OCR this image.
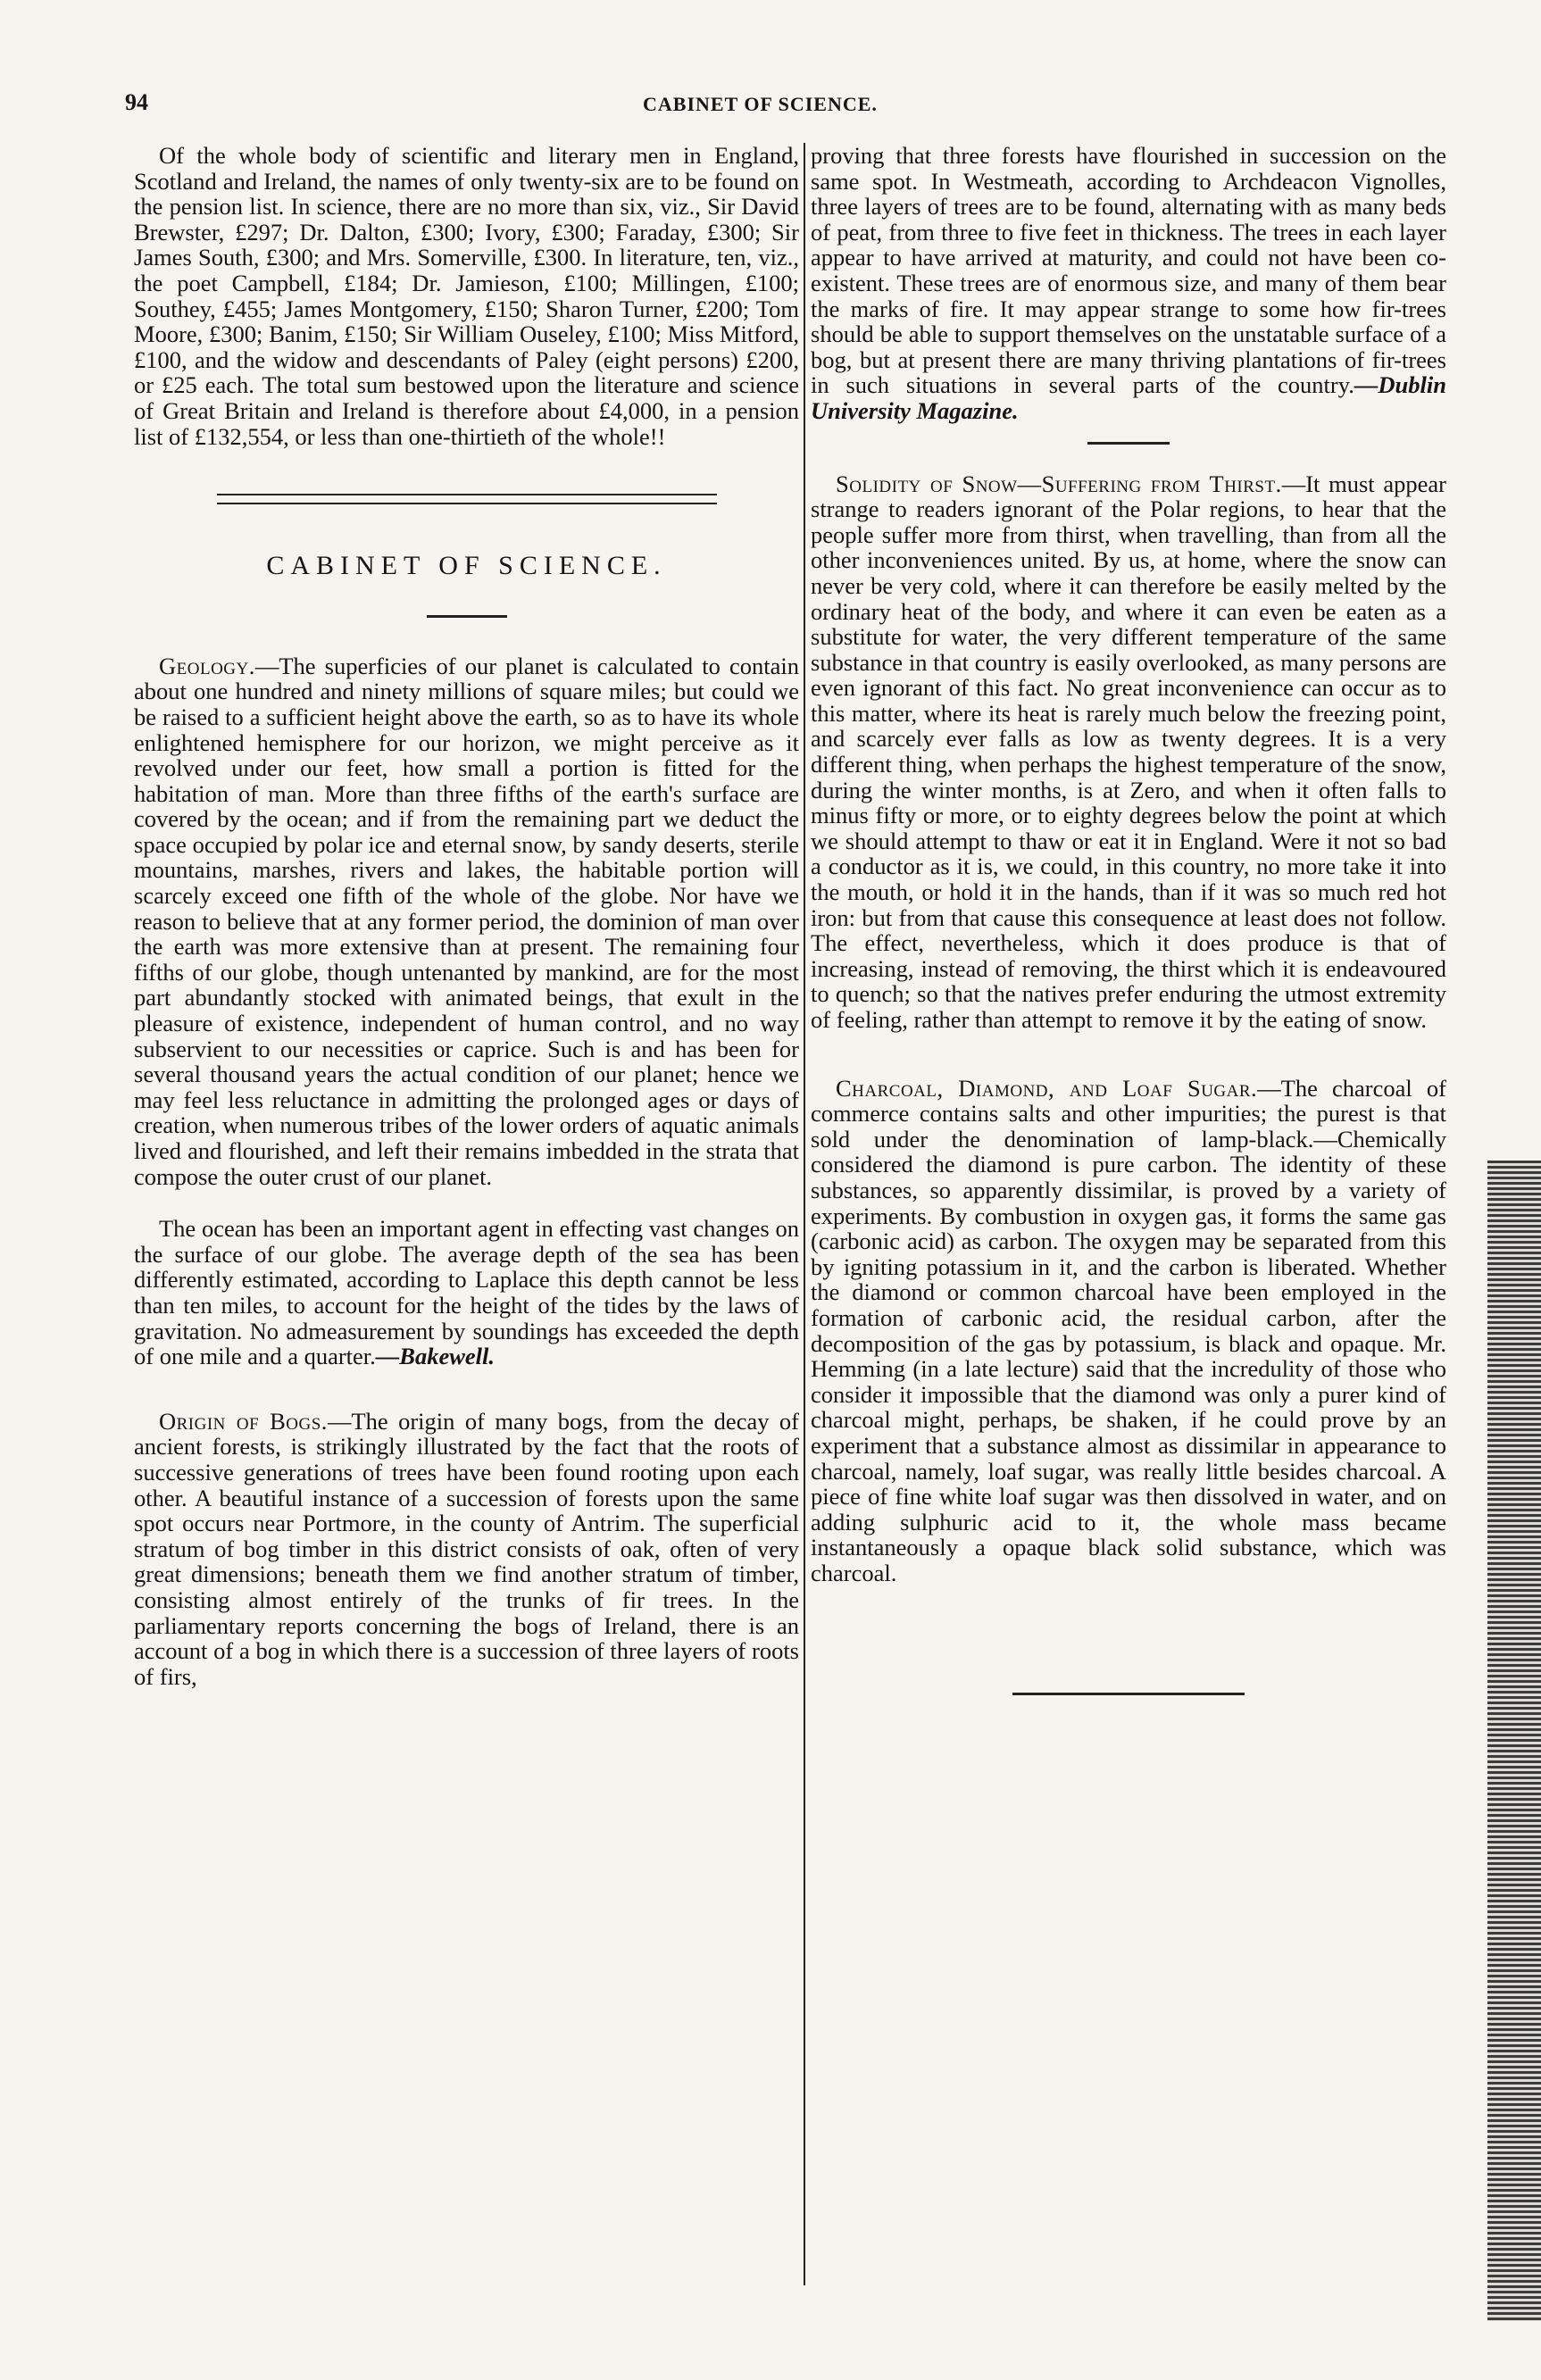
94	CABINET OF SCIENCE.

Of the whole body of scientific and literary men in England, Scotland and Ireland, the names of only twenty-six are to be found on the pension list. In science, there are no more than six, viz., Sir David Brewster, £297; Dr. Dalton, £300; Ivory, £300; Faraday, £300; Sir James South, £300; and Mrs. Somerville, £300. In literature, ten, viz., the poet Campbell, £184; Dr. Jamieson, £100; Millingen, £100; Southey, £455; James Montgomery, £150; Sharon Turner, £200; Tom Moore, £300; Banim, £150; Sir William Ouseley, £100; Miss Mitford, £100, and the widow and descendants of Paley (eight persons) £200, or £25 each. The total sum bestowed upon the literature and science of Great Britain and Ireland is therefore about £4,000, in a pension list of £132,554, or less than one-thirtieth of the whole!!

CABINET OF SCIENCE.

Geology.—The superficies of our planet is calculated to contain about one hundred and ninety millions of square miles; but could we be raised to a sufficient height above the earth, so as to have its whole enlightened hemisphere for our horizon, we might perceive as it revolved under our feet, how small a portion is fitted for the habitation of man. More than three fifths of the earth's surface are covered by the ocean; and if from the remaining part we deduct the space occupied by polar ice and eternal snow, by sandy deserts, sterile mountains, marshes, rivers and lakes, the habitable portion will scarcely exceed one fifth of the whole of the globe. Nor have we reason to believe that at any former period, the dominion of man over the earth was more extensive than at present. The remaining four fifths of our globe, though untenanted by mankind, are for the most part abundantly stocked with animated beings, that exult in the pleasure of existence, independent of human control, and no way subservient to our necessities or caprice. Such is and has been for several thousand years the actual condition of our planet; hence we may feel less reluctance in admitting the prolonged ages or days of creation, when numerous tribes of the lower orders of aquatic animals lived and flourished, and left their remains imbedded in the strata that compose the outer crust of our planet.

The ocean has been an important agent in effecting vast changes on the surface of our globe. The average depth of the sea has been differently estimated, according to Laplace this depth cannot be less than ten miles, to account for the height of the tides by the laws of gravitation. No admeasurement by soundings has exceeded the depth of one mile and a quarter.—Bakewell.

Origin of Bogs.—The origin of many bogs, from the decay of ancient forests, is strikingly illustrated by the fact that the roots of successive generations of trees have been found rooting upon each other. A beautiful instance of a succession of forests upon the same spot occurs near Portmore, in the county of Antrim. The superficial stratum of bog timber in this district consists of oak, often of very great dimensions; beneath them we find another stratum of timber, consisting almost entirely of the trunks of fir trees. In the parliamentary reports concerning the bogs of Ireland, there is an account of a bog in which there is a succession of three layers of roots of firs,

proving that three forests have flourished in succession on the same spot. In Westmeath, according to Archdeacon Vignolles, three layers of trees are to be found, alternating with as many beds of peat, from three to five feet in thickness. The trees in each layer appear to have arrived at maturity, and could not have been co-existent. These trees are of enormous size, and many of them bear the marks of fire. It may appear strange to some how fir-trees should be able to support themselves on the unstatable surface of a bog, but at present there are many thriving plantations of fir-trees in such situations in several parts of the country.—Dublin University Magazine.

Solidity of Snow—Suffering from Thirst.—It must appear strange to readers ignorant of the Polar regions, to hear that the people suffer more from thirst, when travelling, than from all the other inconveniences united. By us, at home, where the snow can never be very cold, where it can therefore be easily melted by the ordinary heat of the body, and where it can even be eaten as a substitute for water, the very different temperature of the same substance in that country is easily overlooked, as many persons are even ignorant of this fact. No great inconvenience can occur as to this matter, where its heat is rarely much below the freezing point, and scarcely ever falls as low as twenty degrees. It is a very different thing, when perhaps the highest temperature of the snow, during the winter months, is at Zero, and when it often falls to minus fifty or more, or to eighty degrees below the point at which we should attempt to thaw or eat it in England. Were it not so bad a conductor as it is, we could, in this country, no more take it into the mouth, or hold it in the hands, than if it was so much red hot iron: but from that cause this consequence at least does not follow. The effect, nevertheless, which it does produce is that of increasing, instead of removing, the thirst which it is endeavoured to quench; so that the natives prefer enduring the utmost extremity of feeling, rather than attempt to remove it by the eating of snow.

Charcoal, Diamond, and Loaf Sugar.—The charcoal of commerce contains salts and other impurities; the purest is that sold under the denomination of lamp-black.—Chemically considered the diamond is pure carbon. The identity of these substances, so apparently dissimilar, is proved by a variety of experiments. By combustion in oxygen gas, it forms the same gas (carbonic acid) as carbon. The oxygen may be separated from this by igniting potassium in it, and the carbon is liberated. Whether the diamond or common charcoal have been employed in the formation of carbonic acid, the residual carbon, after the decomposition of the gas by potassium, is black and opaque. Mr. Hemming (in a late lecture) said that the incredulity of those who consider it impossible that the diamond was only a purer kind of charcoal might, perhaps, be shaken, if he could prove by an experiment that a substance almost as dissimilar in appearance to charcoal, namely, loaf sugar, was really little besides charcoal. A piece of fine white loaf sugar was then dissolved in water, and on adding sulphuric acid to it, the whole mass became instantaneously a opaque black solid substance, which was charcoal.
